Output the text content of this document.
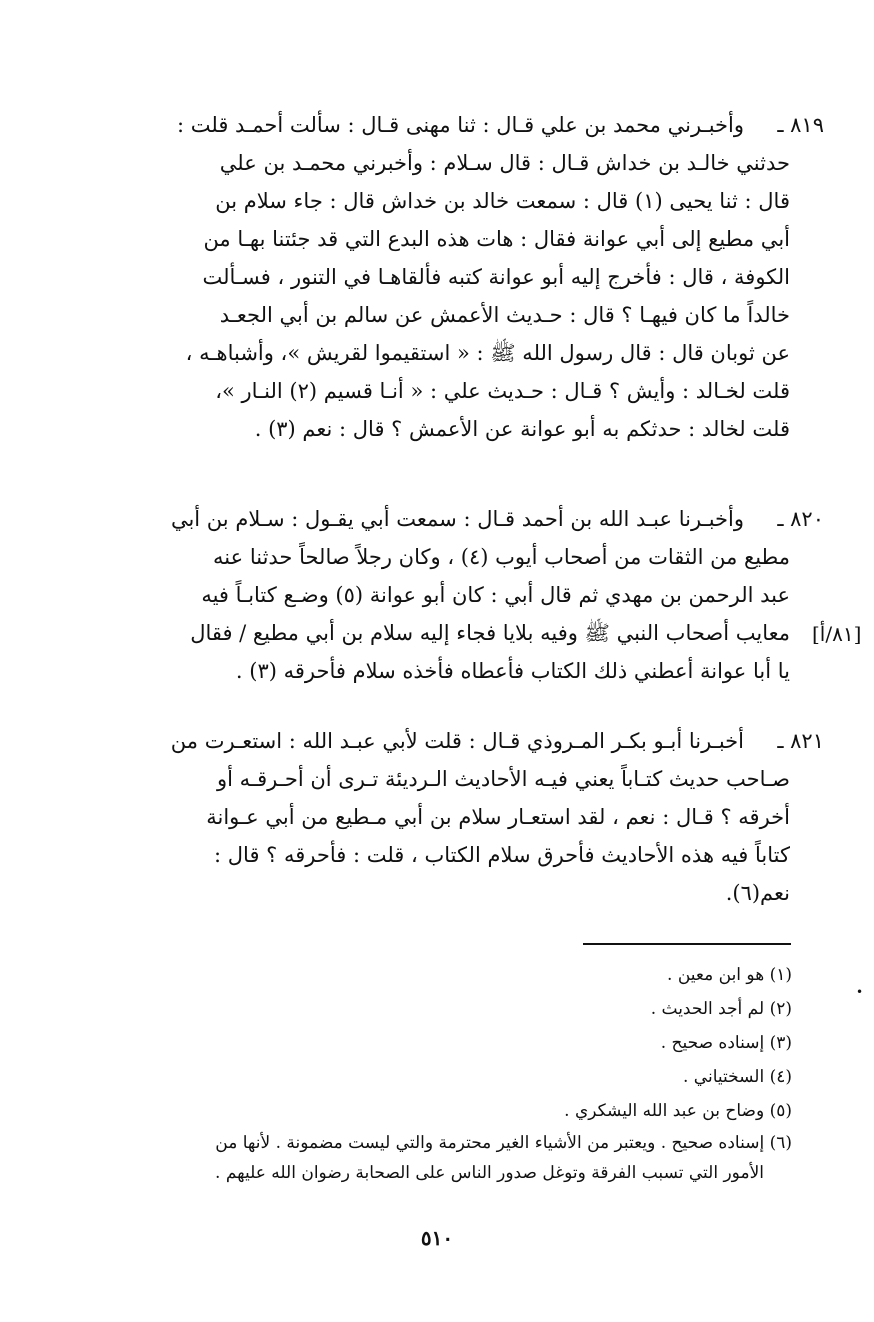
٨١٩ ـ
وأخبـرني محمد بن علي قـال : ثنا مهنى قـال : سألت أحمـد قلت :
حدثني خالـد بن خداش قـال : قال سـلام : وأخبرني محمـد بن علي
قال : ثنا يحيى (١) قال : سمعت خالد بن خداش قال : جاء سلام بن
أبي مطيع إلى أبي عوانة فقال : هات هذه البدع التي قد جئتنا بهـا من
الكوفة ، قال : فأخرج إليه أبو عوانة كتبه فألقاهـا في التنور ، فسـألت
خالداً ما كان فيهـا ؟ قال : حـديث الأعمش عن سالم بن أبي الجعـد
عن ثوبان قال : قال رسول الله ﷺ : « استقيموا لقريش »، وأشباهـه ،
قلت لخـالد : وأيش ؟ قـال : حـديث علي : « أنـا قسيم (٢) النـار »،
قلت لخالد : حدثكم به أبو عوانة عن الأعمش ؟ قال : نعم (٣) .
٨٢٠ ـ
وأخبـرنا عبـد الله بن أحمد قـال : سمعت أبي يقـول : سـلام بن أبي
مطيع من الثقات من أصحاب أيوب (٤) ، وكان رجلاً صالحاً حدثنا عنه
عبد الرحمن بن مهدي ثم قال أبي : كان أبو عوانة (٥) وضـع كتابـاً فيه
معايب أصحاب النبي ﷺ وفيه بلايا فجاء إليه سلام بن أبي مطيع / فقال
يا أبا عوانة أعطني ذلك الكتاب فأعطاه فأخذه سلام فأحرقه (٣) .
[٨١/أ]
٨٢١ ـ
أخبـرنا أبـو بكـر المـروذي قـال : قلت لأبي عبـد الله : استعـرت من
صـاحب حديث كتـاباً يعني فيـه الأحاديث الـرديئة تـرى أن أحـرقـه أو
أخرقه ؟ قـال : نعم ، لقد استعـار سلام بن أبي مـطيع من أبي عـوانة
كتاباً فيه هذه الأحاديث فأحرق سلام الكتاب ، قلت : فأحرقه ؟ قال :
نعم(٦).
(١) هو ابن معين .
(٢) لم أجد الحديث .
(٣) إسناده صحيح .
(٤) السختياني .
(٥) وضاح بن عبد الله اليشكري .
(٦) إسناده صحيح . ويعتبر من الأشياء الغير محترمة والتي ليست مضمونة . لأنها من
الأمور التي تسبب الفرقة وتوغل صدور الناس على الصحابة رضوان الله عليهم .
•
٥١٠
